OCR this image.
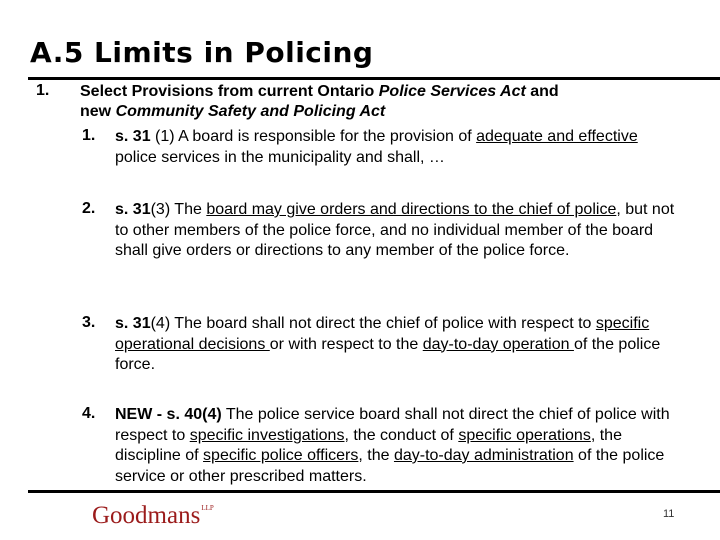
A.5 Limits in Policing
1. Select Provisions from current Ontario Police Services Act and
new Community Safety and Policing Act
1. s. 31 (1) A board is responsible for the provision of adequate and effective police services in the municipality and shall, …
2. s. 31(3) The board may give orders and directions to the chief of police, but not to other members of the police force, and no individual member of the board shall give orders or directions to any member of the police force.
3. s. 31(4) The board shall not direct the chief of police with respect to specific operational decisions or with respect to the day-to-day operation of the police force.
4. NEW - s. 40(4) The police service board shall not direct the chief of police with respect to specific investigations, the conduct of specific operations, the discipline of specific police officers, the day-to-day administration of the police service or other prescribed matters.
Goodmans$^{LLP}$	11
